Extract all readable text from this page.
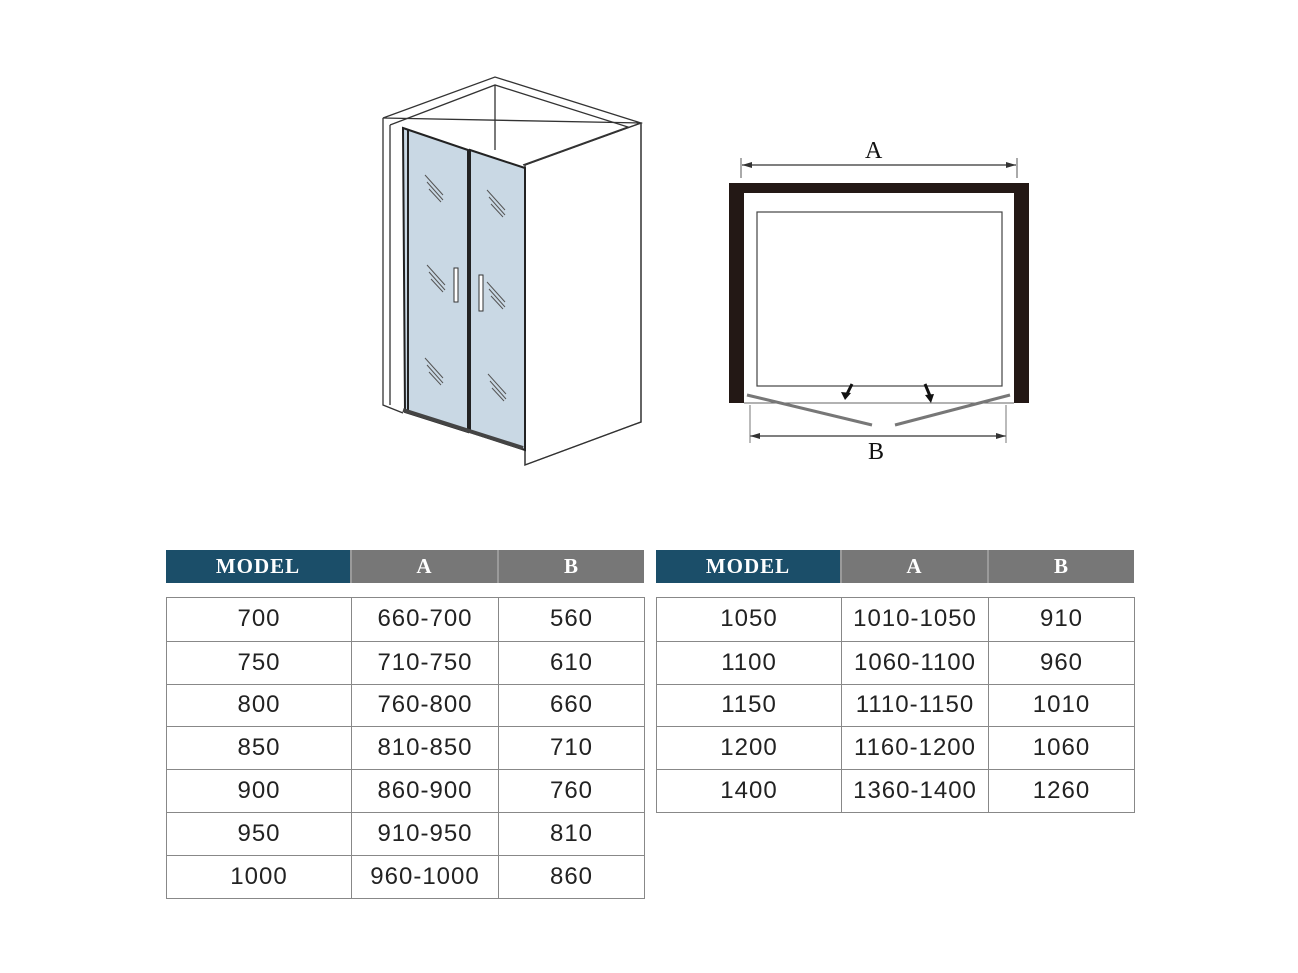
A
B
MODEL	A	B
700	660-700	560
750	710-750	610
800	760-800	660
850	810-850	710
900	860-900	760
950	910-950	810
1000	960-1000	860
MODEL	A	B
1050	1010-1050	910
1100	1060-1100	960
1150	1110-1150	1010
1200	1160-1200	1060
1400	1360-1400	1260
